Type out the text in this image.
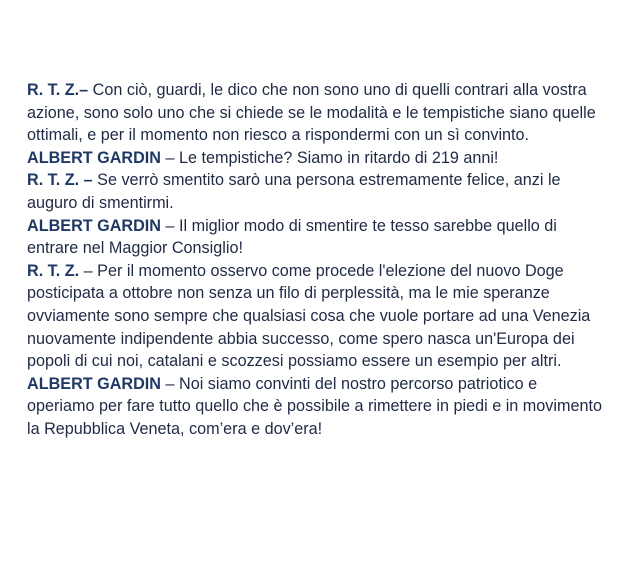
R. T. Z.– Con ciò, guardi, le dico che non sono uno di quelli contrari alla vostra azione, sono solo uno che si chiede se le modalità e le tempistiche siano quelle ottimali, e per il momento non riesco a rispondermi con un sì convinto.

ALBERT GARDIN – Le tempistiche? Siamo in ritardo di 219 anni!

R. T. Z. – Se verrò smentito sarò una persona estremamente felice, anzi le auguro di smentirmi.

ALBERT GARDIN – Il miglior modo di smentire te tesso sarebbe quello di entrare nel Maggior Consiglio!

R. T. Z. – Per il momento osservo come procede l'elezione del nuovo Doge posticipata a ottobre non senza un filo di perplessità, ma le mie speranze ovviamente sono sempre che qualsiasi cosa che vuole portare ad una Venezia nuovamente indipendente abbia successo, come spero nasca un'Europa dei popoli di cui noi, catalani e scozzesi possiamo essere un esempio per altri.

ALBERT GARDIN – Noi siamo convinti del nostro percorso patriotico e operiamo per fare tutto quello che è possibile a rimettere in piedi e in movimento la Repubblica Veneta, com’era e dov’era!
